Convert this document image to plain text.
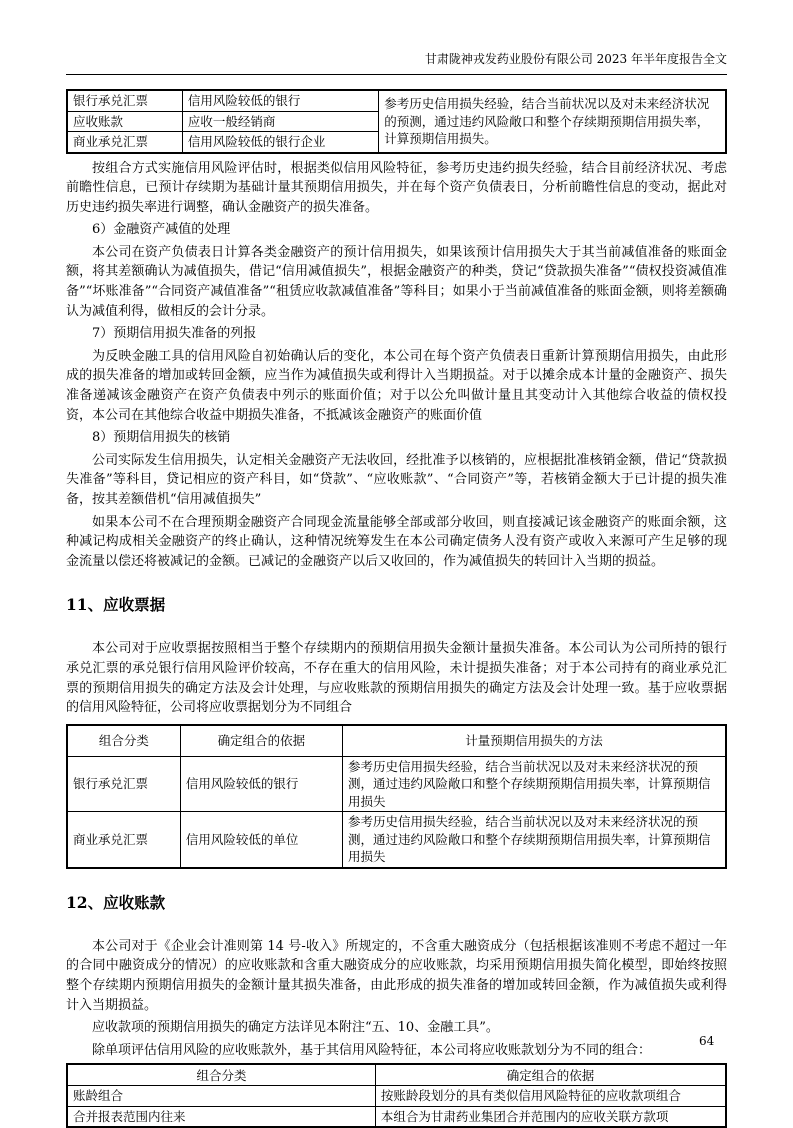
甘肃陇神戎发药业股份有限公司 2023 年半年度报告全文
银行承兑汇票	信用风险较低的银行	参考历史信用损失经验，结合当前状况以及对未来经济状况的预测，通过违约风险敞口和整个存续期预期信用损失率，计算预期信用损失。
应收账款	应收一般经销商	
商业承兑汇票	信用风险较低的银行企业	

按组合方式实施信用风险评估时，根据类似信用风险特征，参考历史违约损失经验，结合目前经济状况、考虑前瞻性信息，已预计存续期为基础计量其预期信用损失，并在每个资产负债表日，分析前瞻性信息的变动，据此对历史违约损失率进行调整，确认金融资产的损失准备。

6）金融资产减值的处理

本公司在资产负债表日计算各类金融资产的预计信用损失，如果该预计信用损失大于其当前减值准备的账面金额，将其差额确认为减值损失，借记“信用减值损失”，根据金融资产的种类，贷记“贷款损失准备”“债权投资减值准备”“坏账准备”“合同资产减值准备”“租赁应收款减值准备”等科目；如果小于当前减值准备的账面金额，则将差额确认为减值利得，做相反的会计分录。

7）预期信用损失准备的列报

为反映金融工具的信用风险自初始确认后的变化，本公司在每个资产负债表日重新计算预期信用损失，由此形成的损失准备的增加或转回金额，应当作为减值损失或利得计入当期损益。对于以摊余成本计量的金融资产、损失准备递减该金融资产在资产负债表中列示的账面价值；对于以公允叫做计量且其变动计入其他综合收益的债权投资，本公司在其他综合收益中期损失准备，不抵减该金融资产的账面价值

8）预期信用损失的核销

公司实际发生信用损失，认定相关金融资产无法收回，经批准予以核销的，应根据批准核销金额，借记“贷款损失准备”等科目，贷记相应的资产科目，如“贷款”、“应收账款”、“合同资产”等，若核销金额大于已计提的损失准备，按其差额借机“信用减值损失”

如果本公司不在合理预期金融资产合同现金流量能够全部或部分收回，则直接减记该金融资产的账面余额，这种减记构成相关金融资产的终止确认，这种情况统筹发生在本公司确定债务人没有资产或收入来源可产生足够的现金流量以偿还将被减记的金额。已减记的金融资产以后又收回的，作为减值损失的转回计入当期的损益。

11、应收票据

本公司对于应收票据按照相当于整个存续期内的预期信用损失金额计量损失准备。本公司认为公司所持的银行承兑汇票的承兑银行信用风险评价较高，不存在重大的信用风险，未计提损失准备；对于本公司持有的商业承兑汇票的预期信用损失的确定方法及会计处理，与应收账款的预期信用损失的确定方法及会计处理一致。基于应收票据的信用风险特征，公司将应收票据划分为不同组合

组合分类	确定组合的依据	计量预期信用损失的方法
银行承兑汇票	信用风险较低的银行	参考历史信用损失经验，结合当前状况以及对未来经济状况的预测，通过违约风险敞口和整个存续期预期信用损失率，计算预期信用损失
商业承兑汇票	信用风险较低的单位	参考历史信用损失经验，结合当前状况以及对未来经济状况的预测，通过违约风险敞口和整个存续期预期信用损失率，计算预期信用损失
12、应收账款

本公司对于《企业会计准则第 14 号-收入》所规定的，不含重大融资成分（包括根据该准则不考虑不超过一年的合同中融资成分的情况）的应收账款和含重大融资成分的应收账款，均采用预期信用损失简化模型，即始终按照整个存续期内预期信用损失的金额计量其损失准备，由此形成的损失准备的增加或转回金额，作为减值损失或利得计入当期损益。

应收款项的预期信用损失的确定方法详见本附注“五、10、金融工具”。

除单项评估信用风险的应收账款外，基于其信用风险特征，本公司将应收账款划分为不同的组合：

组合分类	确定组合的依据
账龄组合	按账龄段划分的具有类似信用风险特征的应收款项组合
合并报表范围内往来	本组合为甘肃药业集团合并范围内的应收关联方款项
64
